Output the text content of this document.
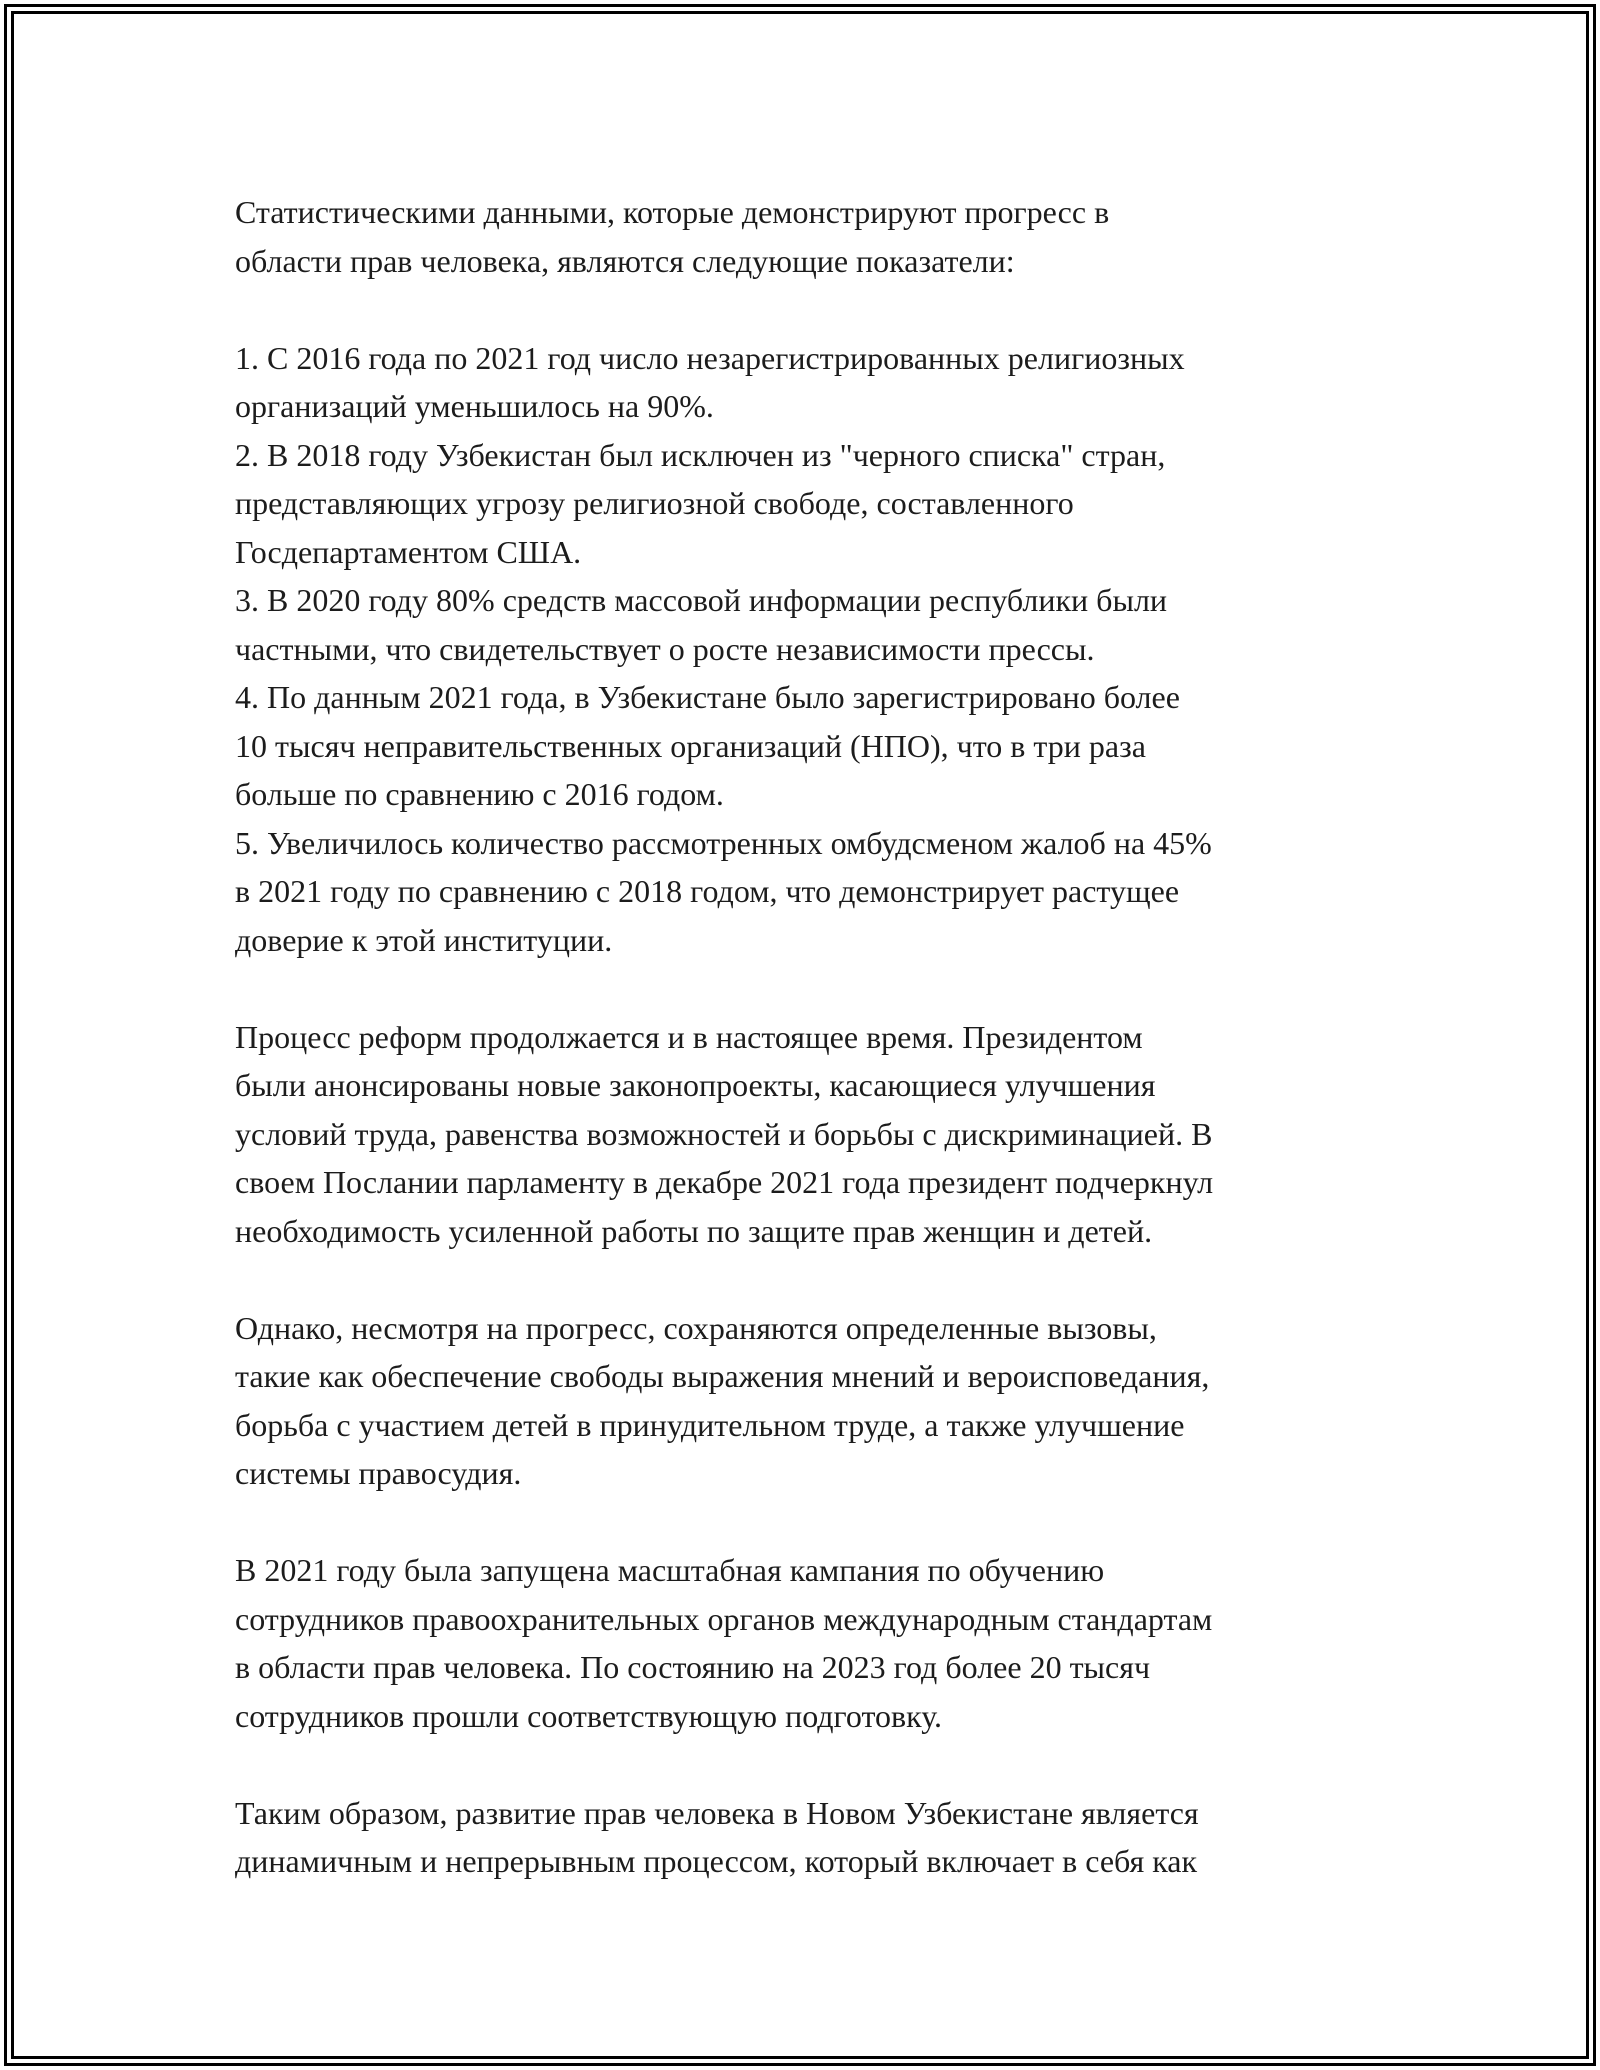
Статистическими данными, которые демонстрируют прогресс в
области прав человека, являются следующие показатели:
1. С 2016 года по 2021 год число незарегистрированных религиозных
организаций уменьшилось на 90%.
2. В 2018 году Узбекистан был исключен из "черного списка" стран,
представляющих угрозу религиозной свободе, составленного
Госдепартаментом США.
3. В 2020 году 80% средств массовой информации республики были
частными, что свидетельствует о росте независимости прессы.
4. По данным 2021 года, в Узбекистане было зарегистрировано более
10 тысяч неправительственных организаций (НПО), что в три раза
больше по сравнению с 2016 годом.
5. Увеличилось количество рассмотренных омбудсменом жалоб на 45%
в 2021 году по сравнению с 2018 годом, что демонстрирует растущее
доверие к этой институции.
Процесс реформ продолжается и в настоящее время. Президентом
были анонсированы новые законопроекты, касающиеся улучшения
условий труда, равенства возможностей и борьбы с дискриминацией. В
своем Послании парламенту в декабре 2021 года президент подчеркнул
необходимость усиленной работы по защите прав женщин и детей.
Однако, несмотря на прогресс, сохраняются определенные вызовы,
такие как обеспечение свободы выражения мнений и вероисповедания,
борьба с участием детей в принудительном труде, а также улучшение
системы правосудия.
В 2021 году была запущена масштабная кампания по обучению
сотрудников правоохранительных органов международным стандартам
в области прав человека. По состоянию на 2023 год более 20 тысяч
сотрудников прошли соответствующую подготовку.
Таким образом, развитие прав человека в Новом Узбекистане является
динамичным и непрерывным процессом, который включает в себя как
